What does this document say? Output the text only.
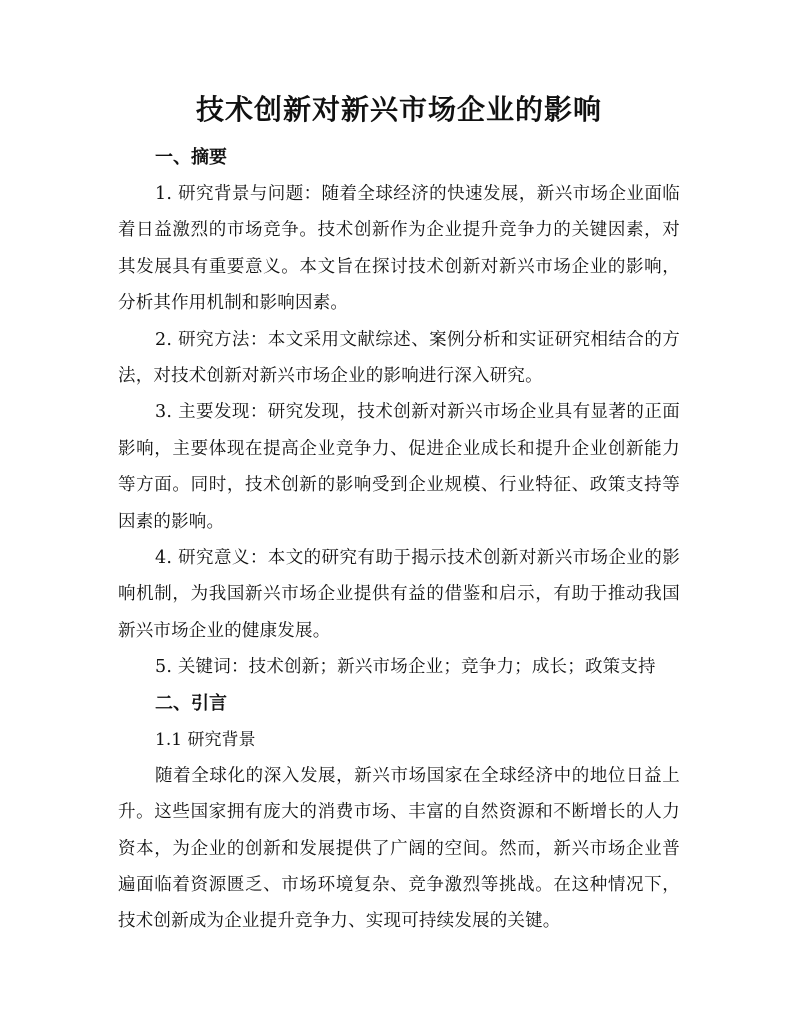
技术创新对新兴市场企业的影响
一、摘要

1. 研究背景与问题：随着全球经济的快速发展，新兴市场企业面临着日益激烈的市场竞争。技术创新作为企业提升竞争力的关键因素，对其发展具有重要意义。本文旨在探讨技术创新对新兴市场企业的影响，分析其作用机制和影响因素。

2. 研究方法：本文采用文献综述、案例分析和实证研究相结合的方法，对技术创新对新兴市场企业的影响进行深入研究。

3. 主要发现：研究发现，技术创新对新兴市场企业具有显著的正面影响，主要体现在提高企业竞争力、促进企业成长和提升企业创新能力等方面。同时，技术创新的影响受到企业规模、行业特征、政策支持等因素的影响。

4. 研究意义：本文的研究有助于揭示技术创新对新兴市场企业的影响机制，为我国新兴市场企业提供有益的借鉴和启示，有助于推动我国新兴市场企业的健康发展。

5. 关键词：技术创新；新兴市场企业；竞争力；成长；政策支持

二、引言

1.1 研究背景

随着全球化的深入发展，新兴市场国家在全球经济中的地位日益上升。这些国家拥有庞大的消费市场、丰富的自然资源和不断增长的人力资本，为企业的创新和发展提供了广阔的空间。然而，新兴市场企业普遍面临着资源匮乏、市场环境复杂、竞争激烈等挑战。在这种情况下，技术创新成为企业提升竞争力、实现可持续发展的关键。
